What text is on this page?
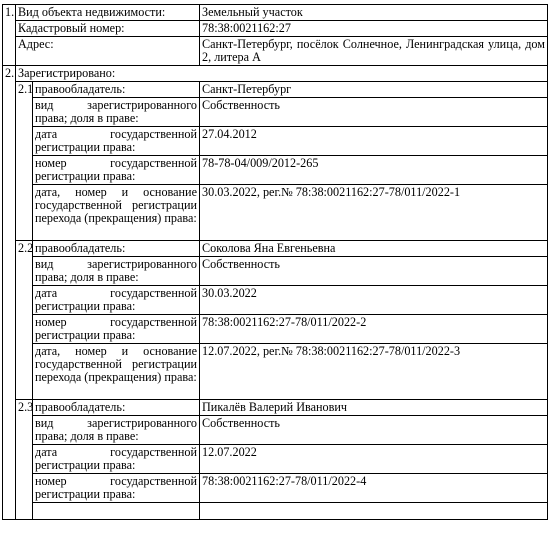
1.	Вид объекта недвижимости:		Земельный участок
	Кадастровый номер:		78:38:0021162:27
	Адрес:		Санкт-Петербург, посёлок Солнечное, Ленинградская улица, дом 2, литера А
2.	Зарегистрировано:		
	2.1	правообладатель:	Санкт-Петербург
		вид зарегистрированного права; доля в праве:	Собственность
		дата государственной регистрации права:	27.04.2012
		номер государственной регистрации права:	78-78-04/009/2012-265
		дата, номер и основание государственной регистрации перехода (прекращения) права:	30.03.2022, рег.№ 78:38:0021162:27-78/011/2022-1
	2.2	правообладатель:	Соколова Яна Евгеньевна
		вид зарегистрированного права; доля в праве:	Собственность
		дата государственной регистрации права:	30.03.2022
		номер государственной регистрации права:	78:38:0021162:27-78/011/2022-2
		дата, номер и основание государственной регистрации перехода (прекращения) права:	12.07.2022, рег.№ 78:38:0021162:27-78/011/2022-3
	2.3	правообладатель:	Пикалёв Валерий Иванович
		вид зарегистрированного права; доля в праве:	Собственность
		дата государственной регистрации права:	12.07.2022
		номер государственной регистрации права:	78:38:0021162:27-78/011/2022-4
